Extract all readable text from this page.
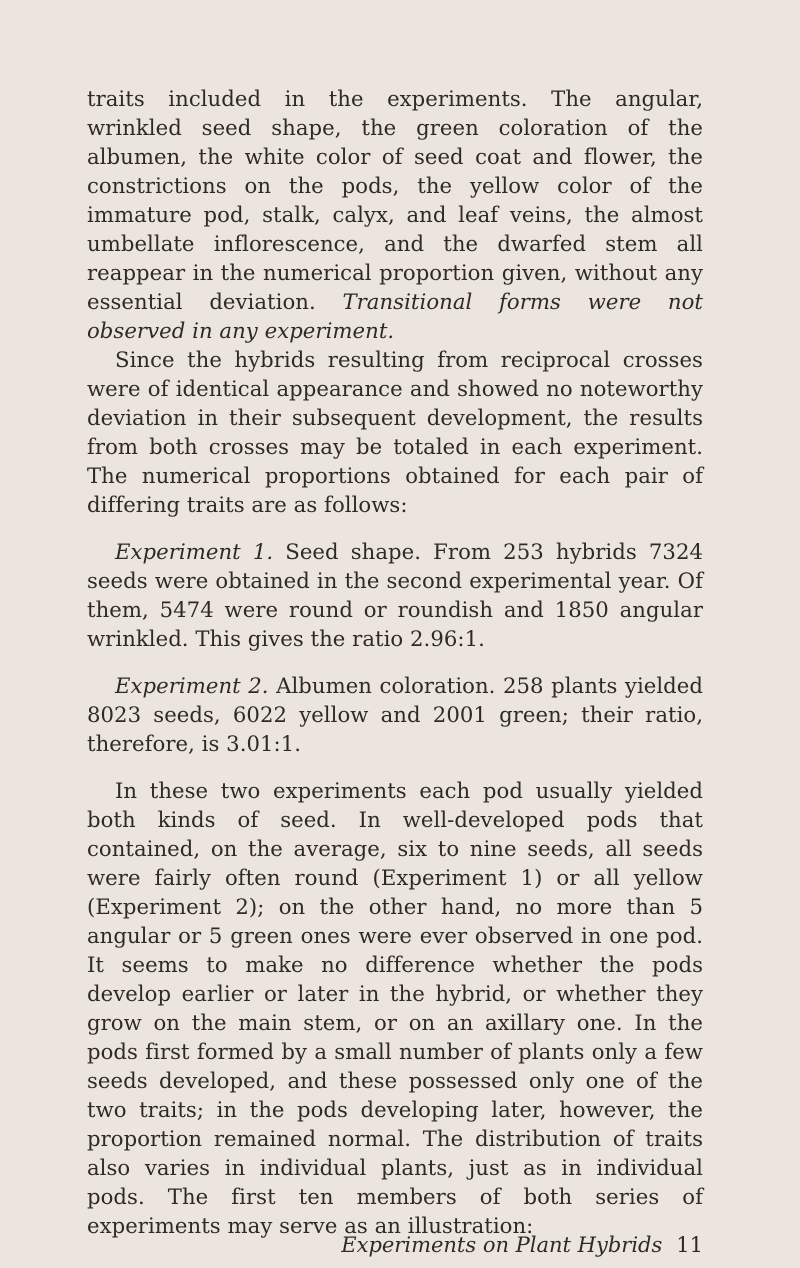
traits included in the experiments. The angular, wrinkled seed shape, the green coloration of the albumen, the white color of seed coat and flower, the constrictions on the pods, the yellow color of the immature pod, stalk, calyx, and leaf veins, the almost umbellate inflorescence, and the dwarfed stem all reappear in the numerical proportion given, without any essential deviation. Transitional forms were not observed in any experiment.

Since the hybrids resulting from reciprocal crosses were of identical appearance and showed no noteworthy deviation in their subsequent development, the results from both crosses may be totaled in each experiment. The numerical proportions obtained for each pair of differing traits are as follows:

Experiment 1. Seed shape. From 253 hybrids 7324 seeds were obtained in the second experimental year. Of them, 5474 were round or roundish and 1850 angular wrinkled. This gives the ratio 2.96:1.

Experiment 2. Albumen coloration. 258 plants yielded 8023 seeds, 6022 yellow and 2001 green; their ratio, therefore, is 3.01:1.

In these two experiments each pod usually yielded both kinds of seed. In well-developed pods that contained, on the average, six to nine seeds, all seeds were fairly often round (Experiment 1) or all yellow (Experiment 2); on the other hand, no more than 5 angular or 5 green ones were ever observed in one pod. It seems to make no difference whether the pods develop earlier or later in the hybrid, or whether they grow on the main stem, or on an axillary one. In the pods first formed by a small number of plants only a few seeds developed, and these possessed only one of the two traits; in the pods developing later, however, the proportion remained normal. The distribution of traits also varies in individual plants, just as in individual pods. The first ten members of both series of experiments may serve as an illustration:

Experiments on Plant Hybrids 11
